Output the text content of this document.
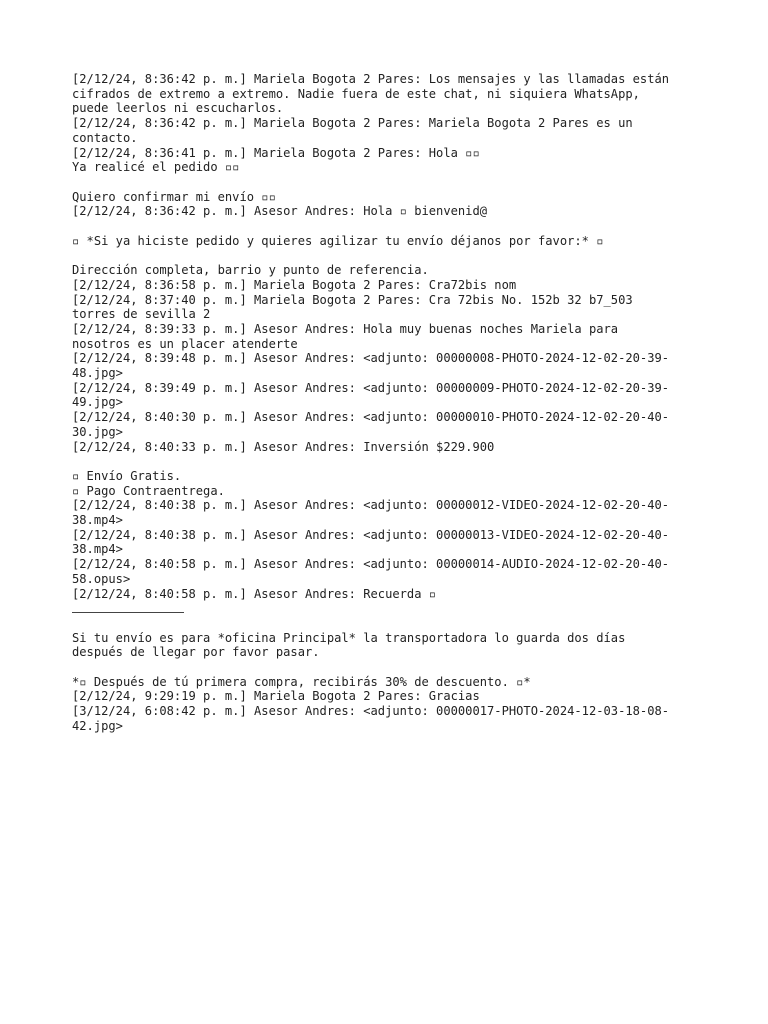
[2/12/24, 8:36:42 p. m.] Mariela Bogota 2 Pares: Los mensajes y las llamadas están
cifrados de extremo a extremo. Nadie fuera de este chat, ni siquiera WhatsApp,
puede leerlos ni escucharlos.
[2/12/24, 8:36:42 p. m.] Mariela Bogota 2 Pares: Mariela Bogota 2 Pares es un
contacto.
[2/12/24, 8:36:41 p. m.] Mariela Bogota 2 Pares: Hola ▫▫
Ya realicé el pedido ▫▫
Quiero confirmar mi envío ▫▫
[2/12/24, 8:36:42 p. m.] Asesor Andres: Hola ▫ bienvenid@
▫ *Si ya hiciste pedido y quieres agilizar tu envío déjanos por favor:* ▫
Dirección completa, barrio y punto de referencia.
[2/12/24, 8:36:58 p. m.] Mariela Bogota 2 Pares: Cra72bis nom
[2/12/24, 8:37:40 p. m.] Mariela Bogota 2 Pares: Cra 72bis No. 152b 32 b7_503
torres de sevilla 2
[2/12/24, 8:39:33 p. m.] Asesor Andres: Hola muy buenas noches Mariela para
nosotros es un placer atenderte
[2/12/24, 8:39:48 p. m.] Asesor Andres: <adjunto: 00000008-PHOTO-2024-12-02-20-39-
48.jpg>
[2/12/24, 8:39:49 p. m.] Asesor Andres: <adjunto: 00000009-PHOTO-2024-12-02-20-39-
49.jpg>
[2/12/24, 8:40:30 p. m.] Asesor Andres: <adjunto: 00000010-PHOTO-2024-12-02-20-40-
30.jpg>
[2/12/24, 8:40:33 p. m.] Asesor Andres: Inversión $229.900
▫ Envío Gratis.
▫ Pago Contraentrega.
[2/12/24, 8:40:38 p. m.] Asesor Andres: <adjunto: 00000012-VIDEO-2024-12-02-20-40-
38.mp4>
[2/12/24, 8:40:38 p. m.] Asesor Andres: <adjunto: 00000013-VIDEO-2024-12-02-20-40-
38.mp4>
[2/12/24, 8:40:58 p. m.] Asesor Andres: <adjunto: 00000014-AUDIO-2024-12-02-20-40-
58.opus>
[2/12/24, 8:40:58 p. m.] Asesor Andres: Recuerda ▫
Si tu envío es para *oficina Principal* la transportadora lo guarda dos días
después de llegar por favor pasar.
*▫ Después de tú primera compra, recibirás 30% de descuento. ▫*
[2/12/24, 9:29:19 p. m.] Mariela Bogota 2 Pares: Gracias
[3/12/24, 6:08:42 p. m.] Asesor Andres: <adjunto: 00000017-PHOTO-2024-12-03-18-08-
42.jpg>
